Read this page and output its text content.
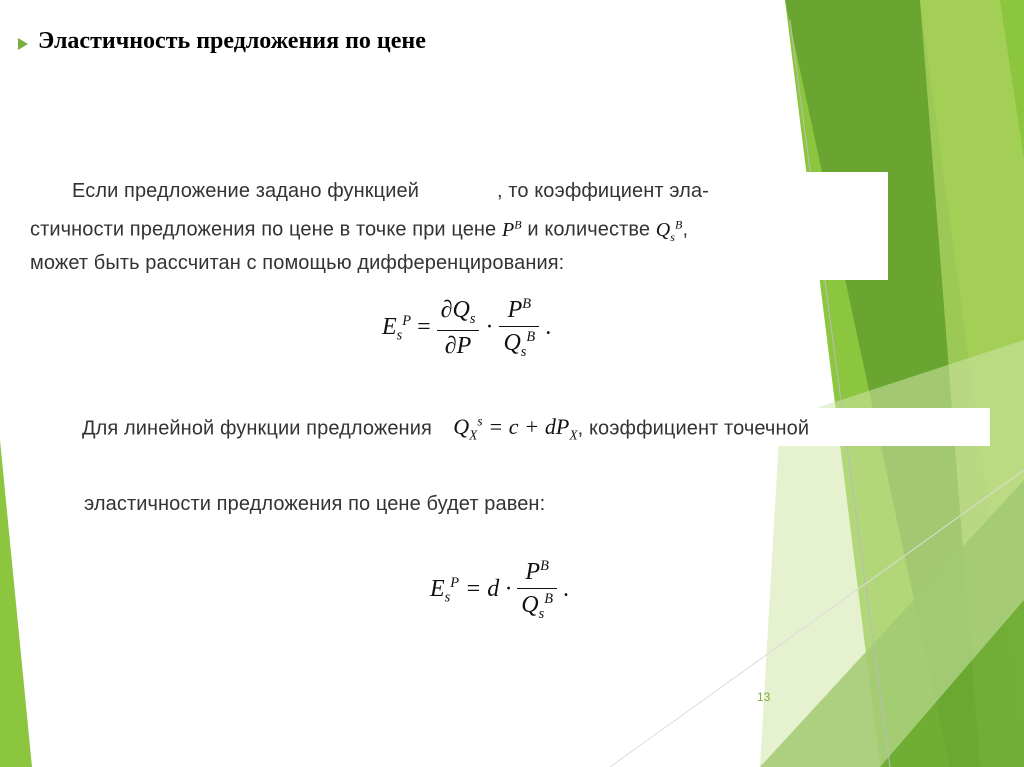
Эластичность предложения по цене
Если предложение задано функцией	, то коэффициент эла-
стичности предложения по цене в точке при цене $P^B$ и количестве $Q_s^B$,
может быть рассчитан с помощью дифференцирования:
$E_s^P = \frac{\partial Q_s}{\partial P} \cdot \frac{P^B}{Q_s^B}$ .
Для линейной функции предложения $Q_X^s = c + dP_X$, коэффициент точечной
эластичности предложения по цене будет равен:
$E_s^P = d \cdot \frac{P^B}{Q_s^B}$ .
13
